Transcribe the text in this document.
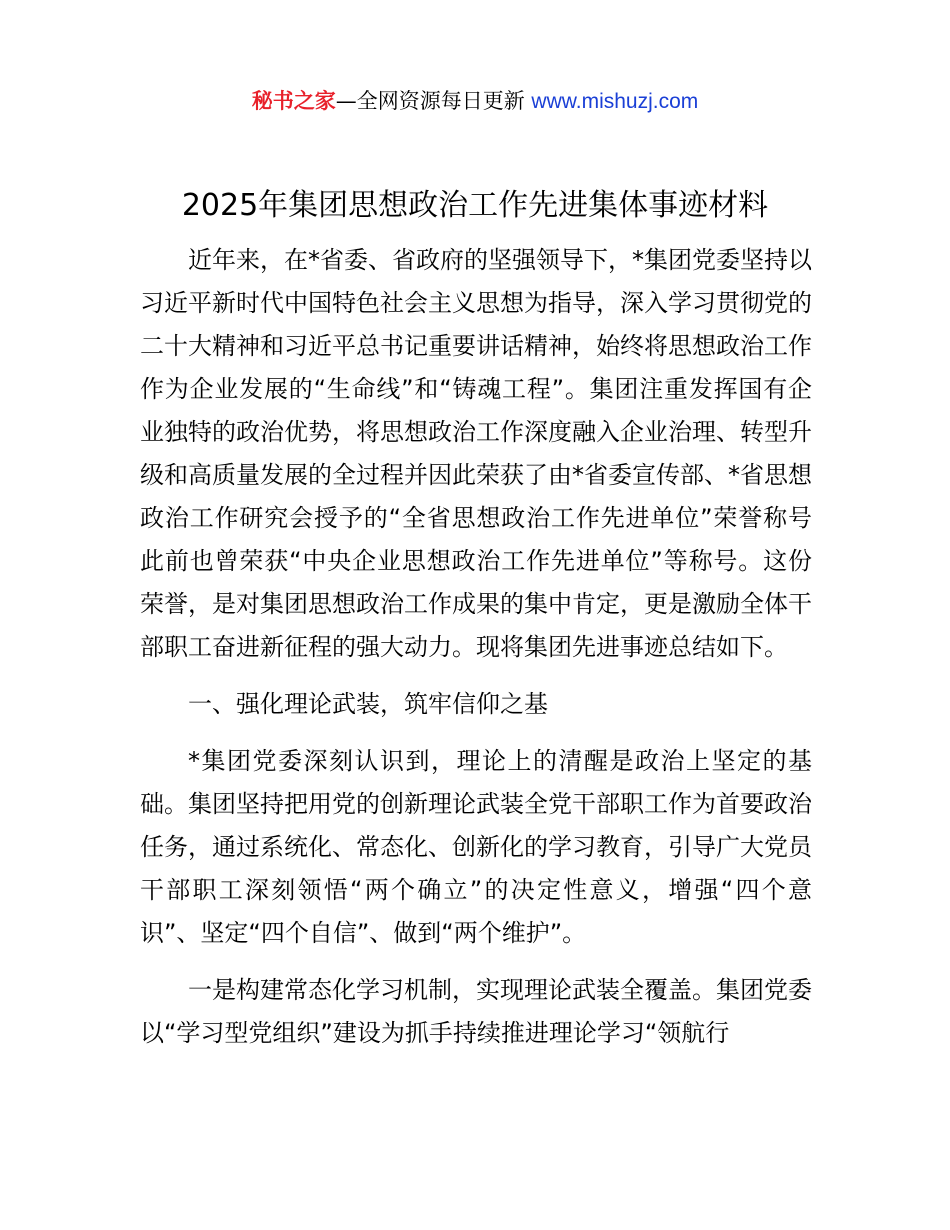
秘书之家—全网资源每日更新 www.mishuzj.com
2025年集团思想政治工作先进集体事迹材料

近年来，在*省委、省政府的坚强领导下，*集团党委坚持以习近平新时代中国特色社会主义思想为指导，深入学习贯彻党的二十大精神和习近平总书记重要讲话精神，始终将思想政治工作作为企业发展的“生命线”和“铸魂工程”。集团注重发挥国有企业独特的政治优势，将思想政治工作深度融入企业治理、转型升级和高质量发展的全过程并因此荣获了由*省委宣传部、*省思想政治工作研究会授予的“全省思想政治工作先进单位”荣誉称号此前也曾荣获“中央企业思想政治工作先进单位”等称号。这份荣誉，是对集团思想政治工作成果的集中肯定，更是激励全体干部职工奋进新征程的强大动力。现将集团先进事迹总结如下。

一、强化理论武装，筑牢信仰之基

*集团党委深刻认识到，理论上的清醒是政治上坚定的基础。集团坚持把用党的创新理论武装全党干部职工作为首要政治任务，通过系统化、常态化、创新化的学习教育，引导广大党员干部职工深刻领悟“两个确立”的决定性意义，增强“四个意识”、坚定“四个自信”、做到“两个维护”。

一是构建常态化学习机制，实现理论武装全覆盖。集团党委以“学习型党组织”建设为抓手持续推进理论学习“领航行
